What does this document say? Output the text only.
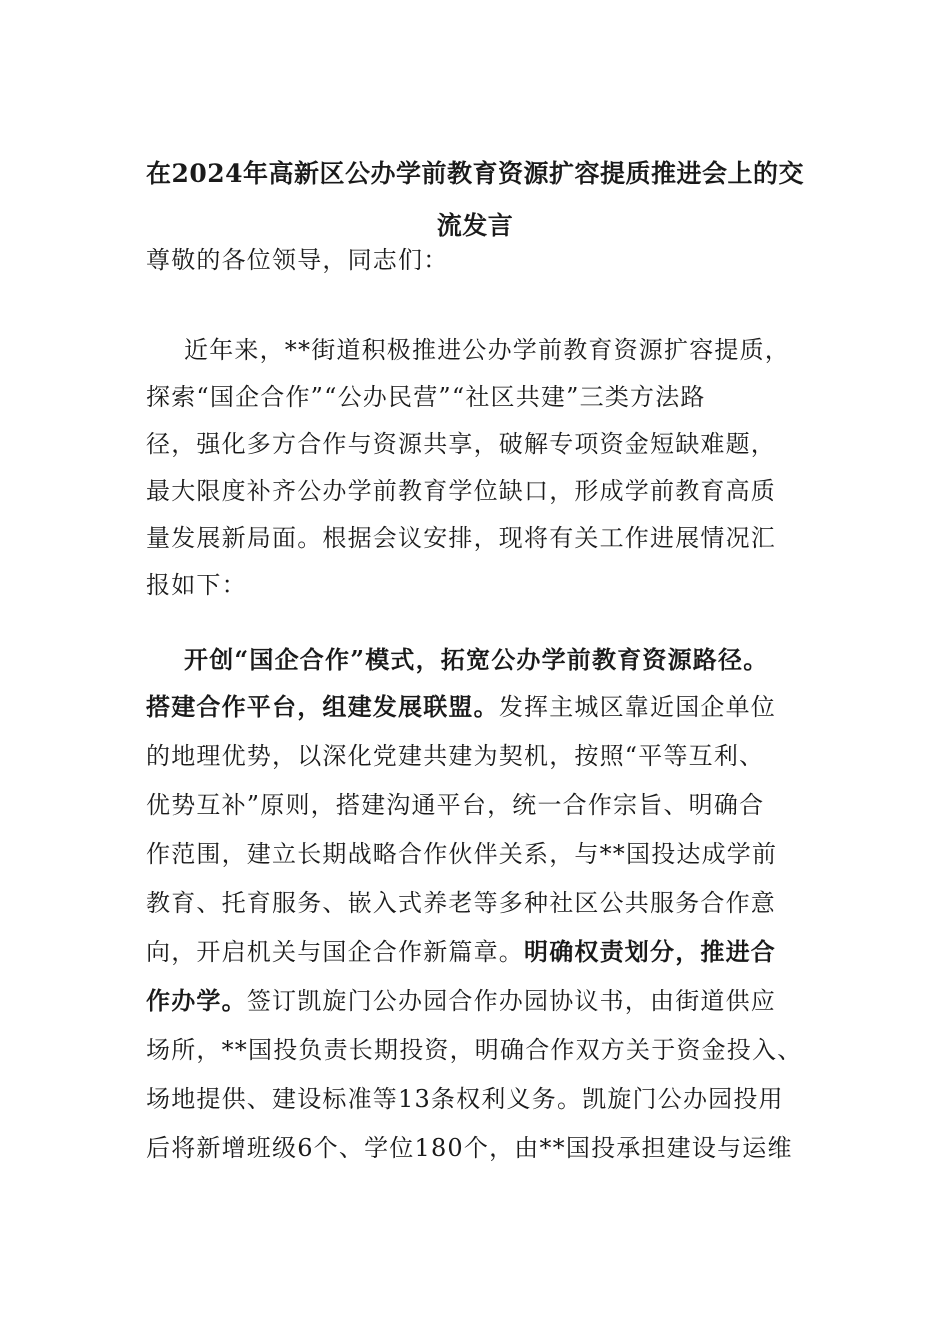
在2024年高新区公办学前教育资源扩容提质推进会上的交
流发言
尊敬的各位领导，同志们：
近年来，**街道积极推进公办学前教育资源扩容提质，
探索“国企合作”“公办民营”“社区共建”三类方法路
径，强化多方合作与资源共享，破解专项资金短缺难题，
最大限度补齐公办学前教育学位缺口，形成学前教育高质
量发展新局面。根据会议安排，现将有关工作进展情况汇
报如下：
开创“国企合作”模式，拓宽公办学前教育资源路径。
搭建合作平台，组建发展联盟。发挥主城区靠近国企单位
的地理优势，以深化党建共建为契机，按照“平等互利、
优势互补”原则，搭建沟通平台，统一合作宗旨、明确合
作范围，建立长期战略合作伙伴关系，与**国投达成学前
教育、托育服务、嵌入式养老等多种社区公共服务合作意
向，开启机关与国企合作新篇章。明确权责划分，推进合
作办学。签订凯旋门公办园合作办园协议书，由街道供应
场所，**国投负责长期投资，明确合作双方关于资金投入、
场地提供、建设标准等13条权利义务。凯旋门公办园投用
后将新增班级6个、学位180个，由**国投承担建设与运维
